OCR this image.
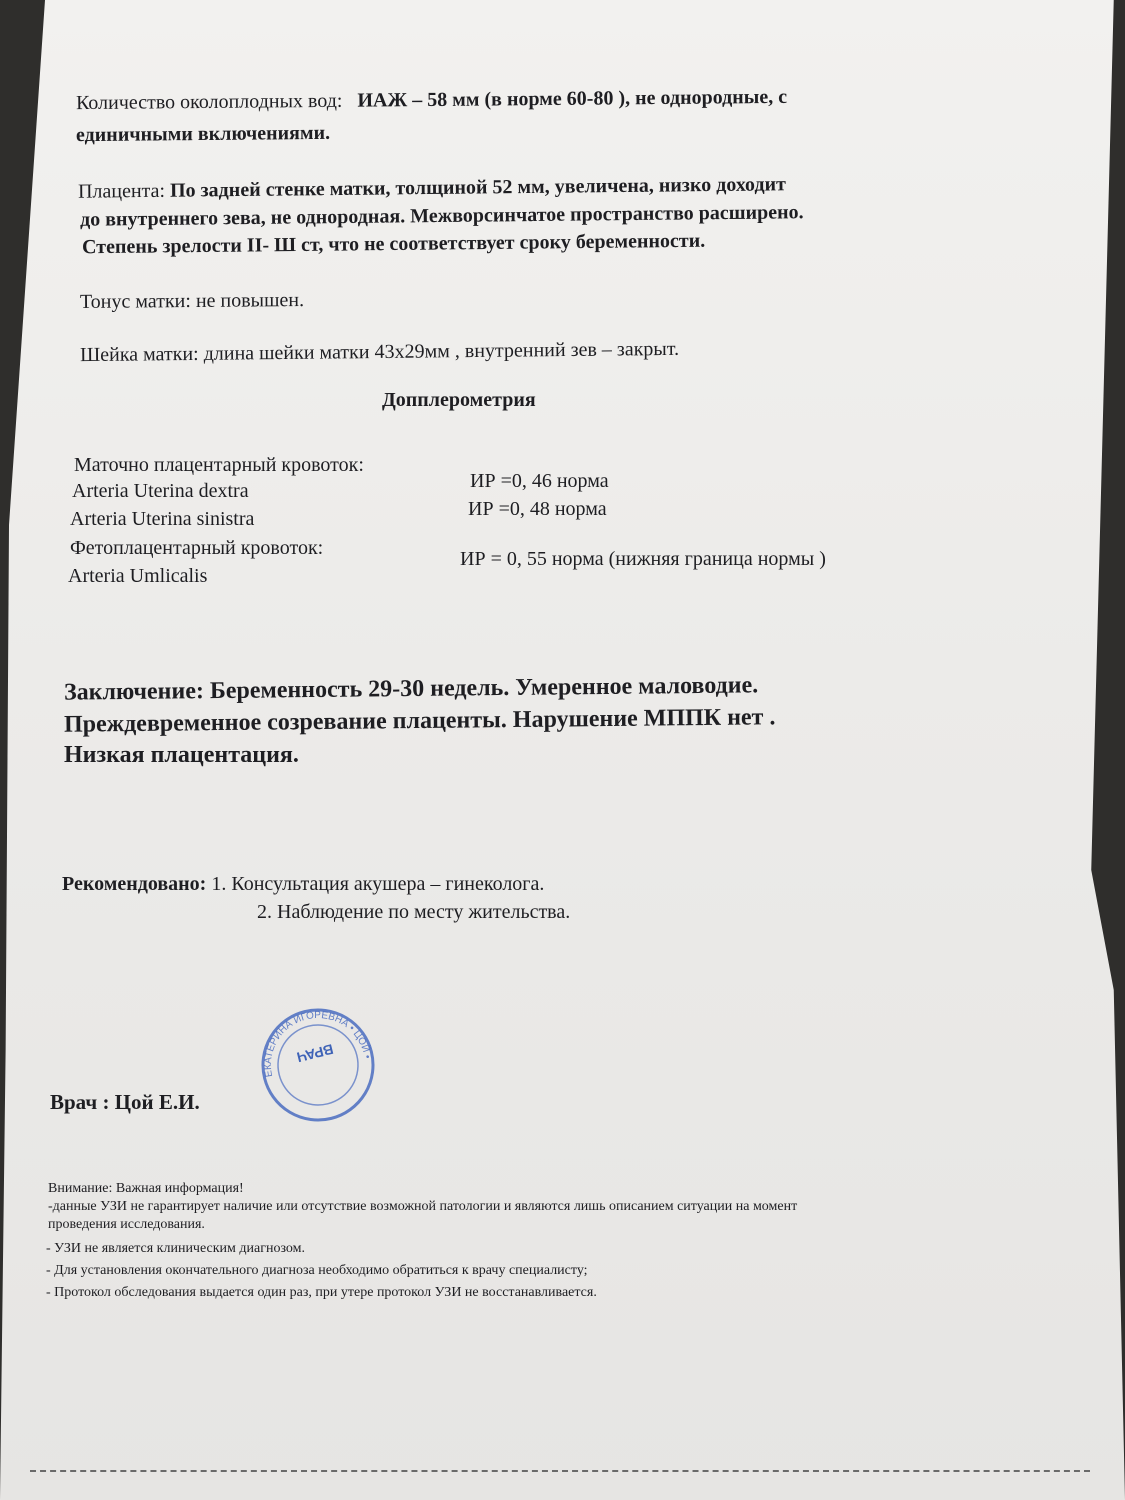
Количество околоплодных вод: ИАЖ – 58 мм (в норме 60-80 ), не однородные, с
единичными включениями.
Плацента: По задней стенке матки, толщиной 52 мм, увеличена, низко доходит
до внутреннего зева, не однородная. Межворсинчатое пространство расширено.
Степень зрелости II- Ш ст, что не соответствует сроку беременности.
Тонус матки: не повышен.
Шейка матки: длина шейки матки 43х29мм , внутренний зев – закрыт.
Допплерометрия
Маточно плацентарный кровоток:
Arteria Uterina dextra	ИР =0, 46 норма
Arteria Uterina sinistra	ИР =0, 48 норма
Фетоплацентарный кровоток:
Arteria Umlicalis
ИР = 0, 55 норма (нижняя граница нормы )
Заключение: Беременность 29-30 недель. Умеренное маловодие.
Преждевременное созревание плаценты. Нарушение МППК нет .
Низкая плацентация.
Рекомендовано: 1. Консультация акушера – гинеколога.
2. Наблюдение по месту жительства.
Врач : Цой Е.И.
ЕКАТЕРИНА ИГОРЕВНА • ЦОЙ •
ВРАЧ
Внимание: Важная информация!
-данные УЗИ не гарантирует наличие или отсутствие возможной патологии и являются лишь описанием ситуации на момент
проведения исследования.
- УЗИ не является клиническим диагнозом.
- Для установления окончательного диагноза необходимо обратиться к врачу специалисту;
- Протокол обследования выдается один раз, при утере протокол УЗИ не восстанавливается.
